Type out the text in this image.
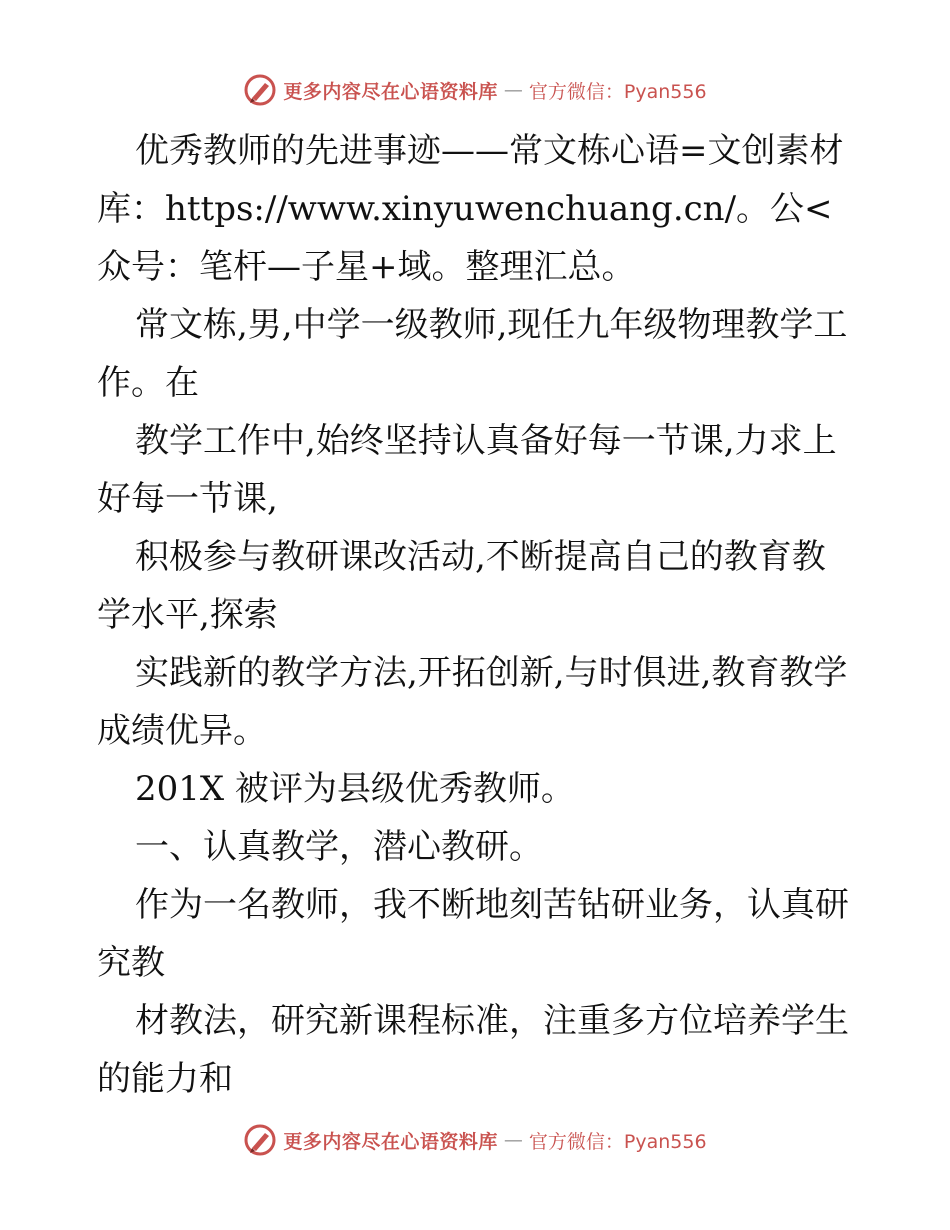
更多内容尽在心语资料库 — 官方微信：Pyan556

优秀教师的先进事迹——常文栋心语=文创素材库：https://www.xinyuwenchuang.cn/。公<众号：笔杆—子星+域。整理汇总。

常文栋,男,中学一级教师,现任九年级物理教学工作。在

教学工作中,始终坚持认真备好每一节课,力求上好每一节课,

积极参与教研课改活动,不断提高自己的教育教学水平,探索

实践新的教学方法,开拓创新,与时俱进,教育教学成绩优异。

201X 被评为县级优秀教师。

一、认真教学，潜心教研。

作为一名教师，我不断地刻苦钻研业务，认真研究教

材教法，研究新课程标准，注重多方位培养学生的能力和

更多内容尽在心语资料库 — 官方微信：Pyan556
